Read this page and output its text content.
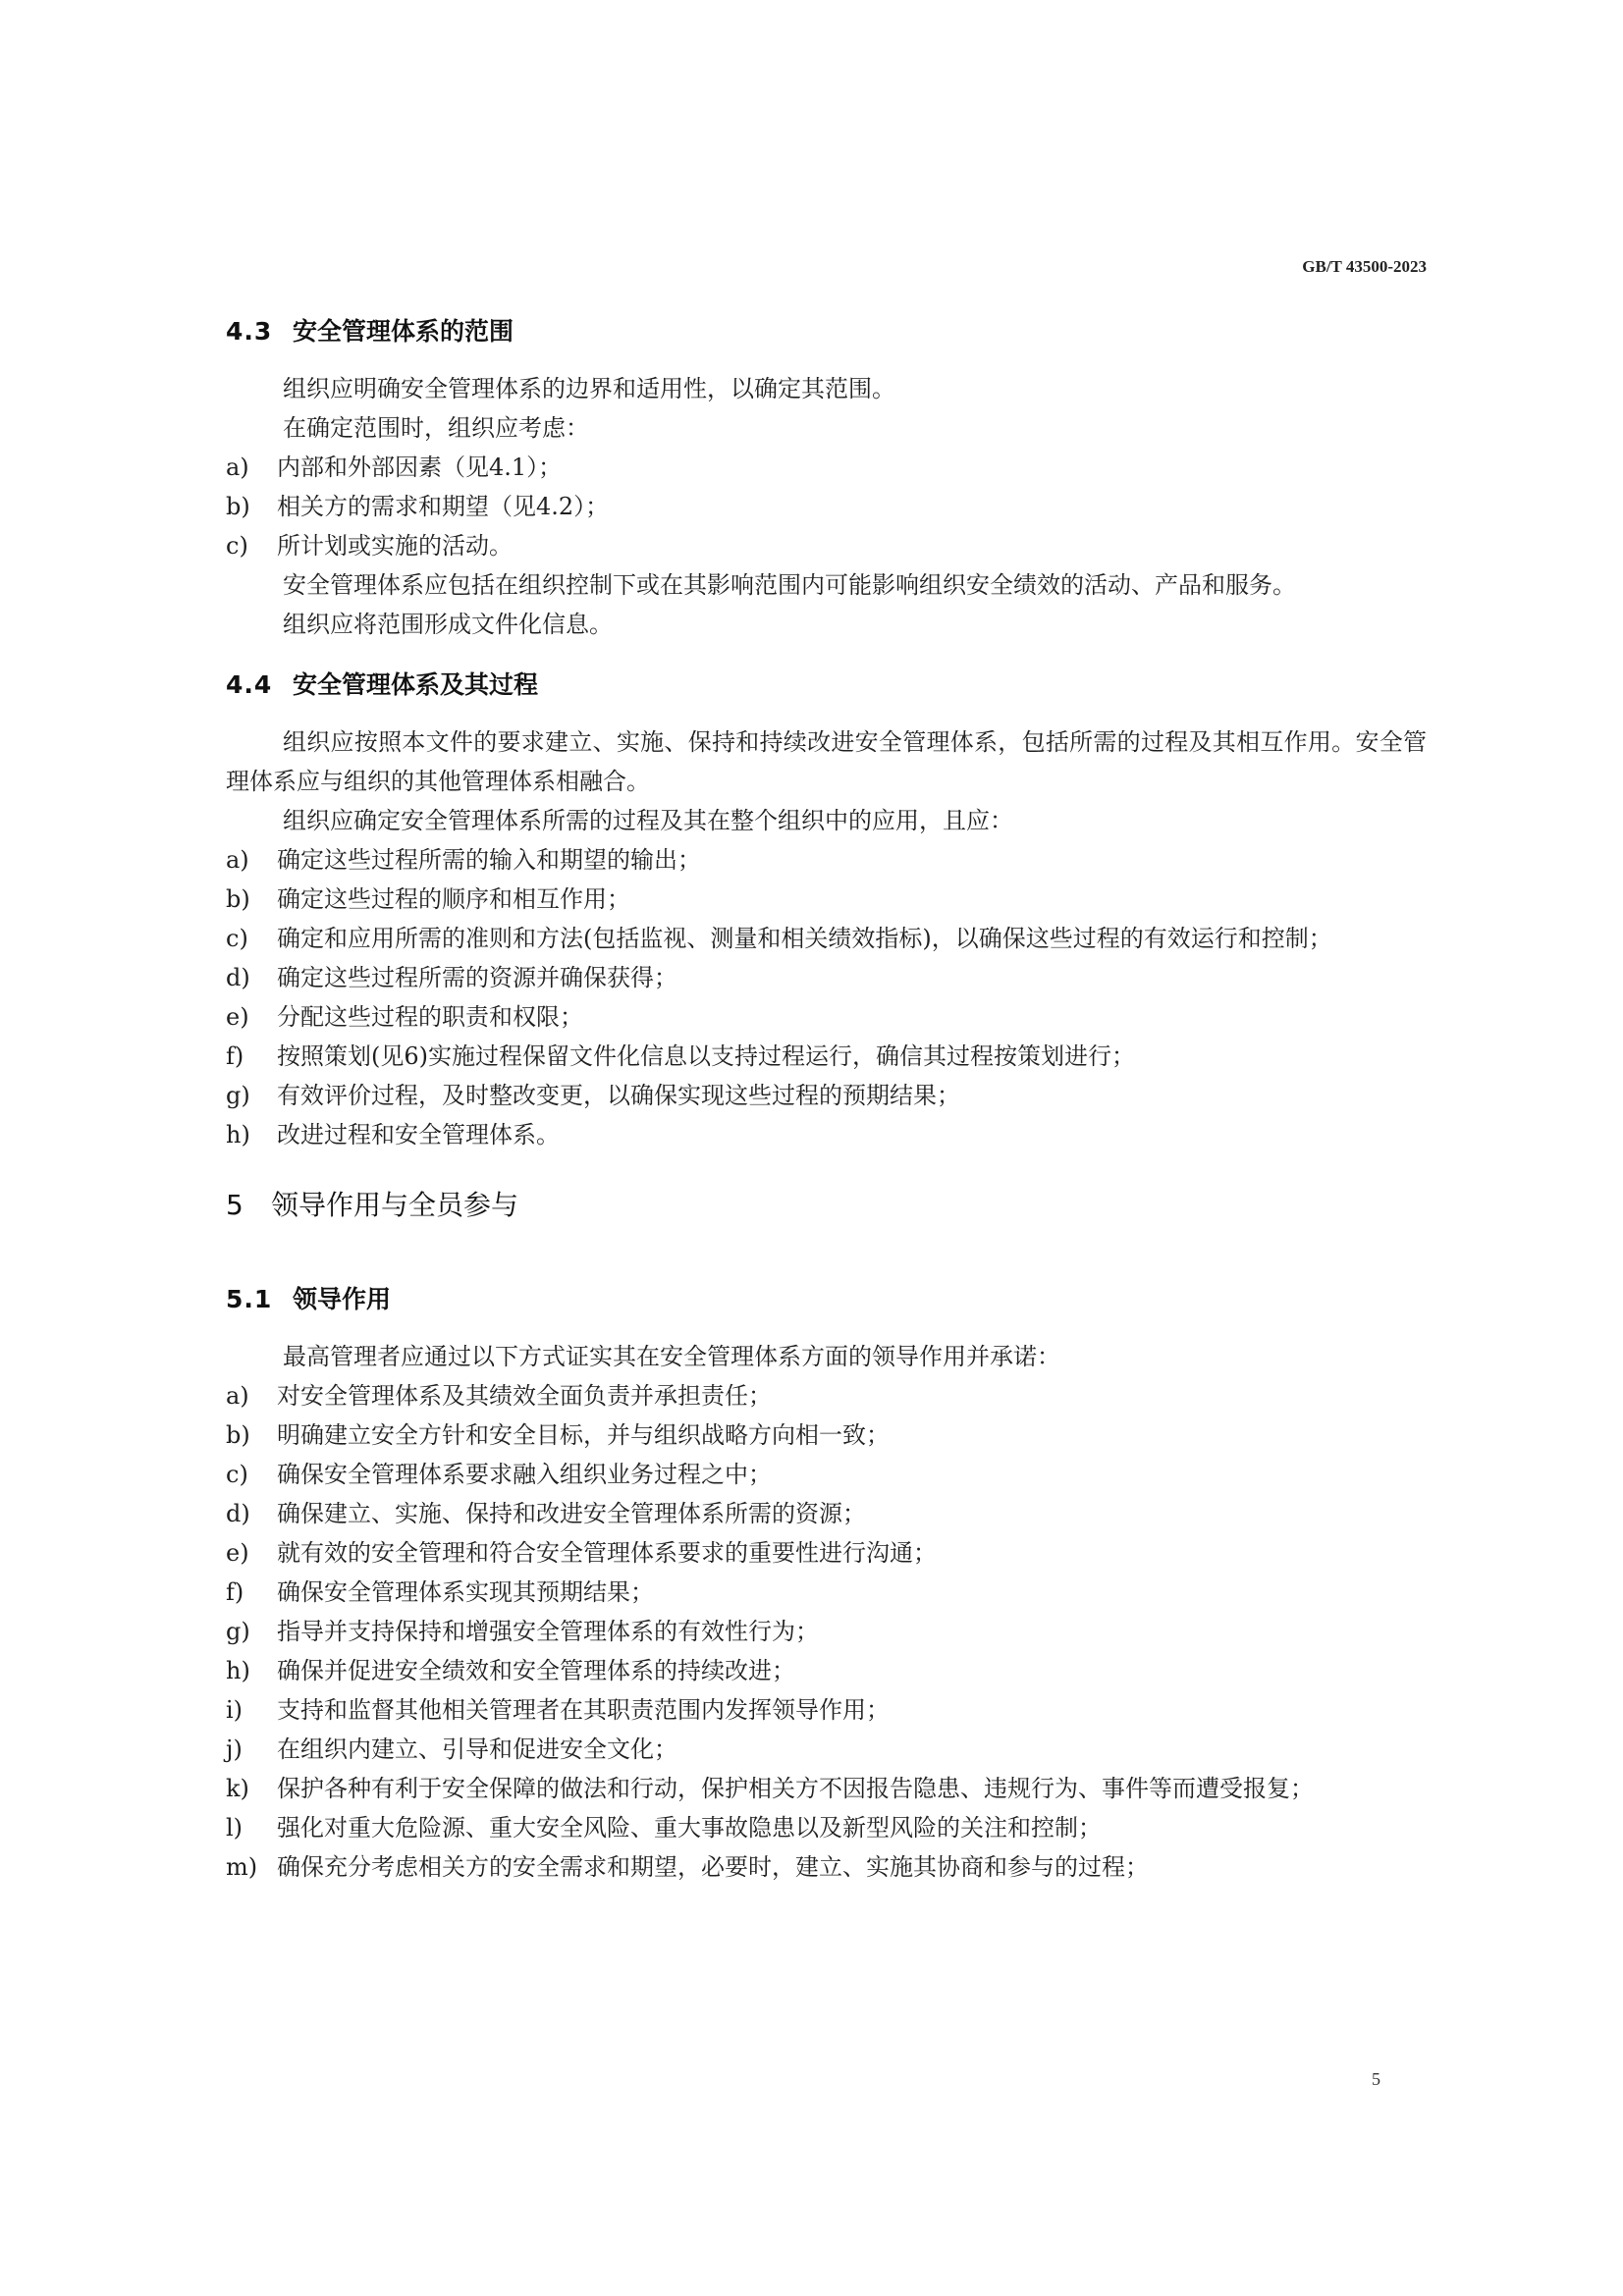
GB/T 43500-2023
4.3 安全管理体系的范围

组织应明确安全管理体系的边界和适用性，以确定其范围。

在确定范围时，组织应考虑：

a)	内部和外部因素（见4.1）；
b)	相关方的需求和期望（见4.2）；
c)	所计划或实施的活动。

安全管理体系应包括在组织控制下或在其影响范围内可能影响组织安全绩效的活动、产品和服务。

组织应将范围形成文件化信息。

4.4 安全管理体系及其过程

组织应按照本文件的要求建立、实施、保持和持续改进安全管理体系，包括所需的过程及其相互作用。安全管理体系应与组织的其他管理体系相融合。

组织应确定安全管理体系所需的过程及其在整个组织中的应用，且应：

a)	确定这些过程所需的输入和期望的输出；
b)	确定这些过程的顺序和相互作用；
c)	确定和应用所需的准则和方法(包括监视、测量和相关绩效指标)，以确保这些过程的有效运行和控制；
d)	确定这些过程所需的资源并确保获得；
e)	分配这些过程的职责和权限；
f)	按照策划(见6)实施过程保留文件化信息以支持过程运行，确信其过程按策划进行；
g)	有效评价过程，及时整改变更，以确保实现这些过程的预期结果；
h)	改进过程和安全管理体系。
5	领导作用与全员参与
5.1 领导作用

最高管理者应通过以下方式证实其在安全管理体系方面的领导作用并承诺：

a)	对安全管理体系及其绩效全面负责并承担责任；
b)	明确建立安全方针和安全目标，并与组织战略方向相一致；
c)	确保安全管理体系要求融入组织业务过程之中；
d)	确保建立、实施、保持和改进安全管理体系所需的资源；
e)	就有效的安全管理和符合安全管理体系要求的重要性进行沟通；
f)	确保安全管理体系实现其预期结果；
g)	指导并支持保持和增强安全管理体系的有效性行为；
h)	确保并促进安全绩效和安全管理体系的持续改进；
i)	支持和监督其他相关管理者在其职责范围内发挥领导作用；
j)	在组织内建立、引导和促进安全文化；
k)	保护各种有利于安全保障的做法和行动，保护相关方不因报告隐患、违规行为、事件等而遭受报复；
l)	强化对重大危险源、重大安全风险、重大事故隐患以及新型风险的关注和控制；
m) 确保充分考虑相关方的安全需求和期望，必要时，建立、实施其协商和参与的过程；
5
